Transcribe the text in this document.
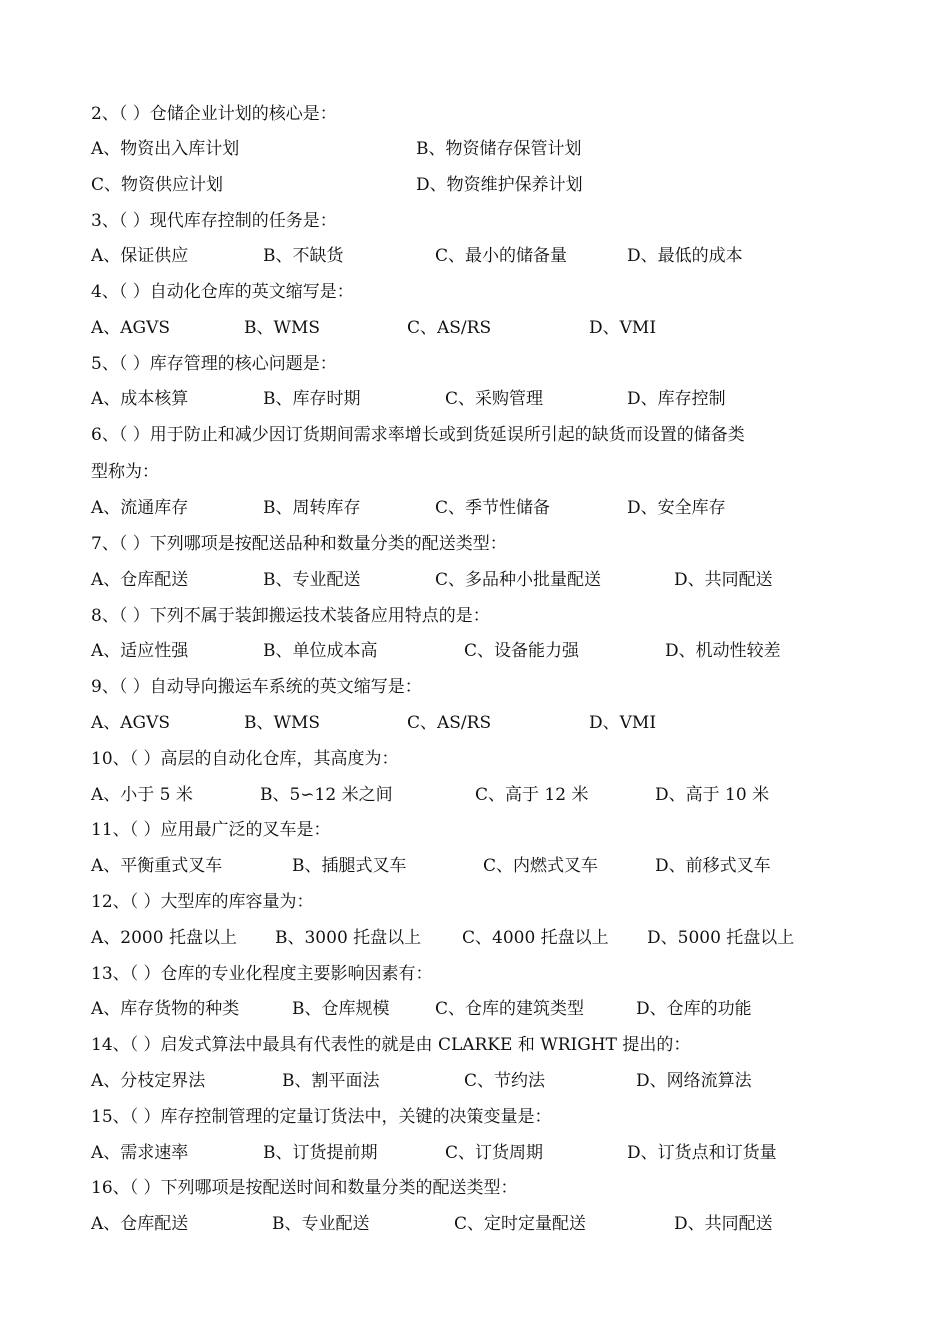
2、（ ）仓储企业计划的核心是：
A、物资出入库计划	B、物资储存保管计划
C、物资供应计划	D、物资维护保养计划
3、（ ）现代库存控制的任务是：
A、保证供应	B、不缺货	C、最小的储备量	D、最低的成本
4、（ ）自动化仓库的英文缩写是：
A、AGVS	B、WMS	C、AS/RS	D、VMI
5、（ ）库存管理的核心问题是：
A、成本核算	B、库存时期	C、采购管理	D、库存控制
6、（ ）用于防止和减少因订货期间需求率增长或到货延误所引起的缺货而设置的储备类
型称为：
A、流通库存	B、周转库存	C、季节性储备	D、安全库存
7、（ ）下列哪项是按配送品种和数量分类的配送类型：
A、仓库配送	B、专业配送	C、多品种小批量配送	D、共同配送
8、（ ）下列不属于装卸搬运技术装备应用特点的是：
A、适应性强	B、单位成本高	C、设备能力强	D、机动性较差
9、（ ）自动导向搬运车系统的英文缩写是：
A、AGVS	B、WMS	C、AS/RS	D、VMI
10、（ ）高层的自动化仓库，其高度为：
A、小于 5 米	B、5∽12 米之间	C、高于 12 米	D、高于 10 米
11、（ ）应用最广泛的叉车是：
A、平衡重式叉车	B、插腿式叉车	C、内燃式叉车	D、前移式叉车
12、（ ）大型库的库容量为：
A、2000 托盘以上 B、3000 托盘以上 C、4000 托盘以上 D、5000 托盘以上
13、（ ）仓库的专业化程度主要影响因素有：
A、库存货物的种类	B、仓库规模	C、仓库的建筑类型	D、仓库的功能
14、（ ）启发式算法中最具有代表性的就是由 CLARKE 和 WRIGHT 提出的：
A、分枝定界法	B、割平面法	C、节约法	D、网络流算法
15、（ ）库存控制管理的定量订货法中，关键的决策变量是：
A、需求速率	B、订货提前期	C、订货周期	D、订货点和订货量
16、（ ）下列哪项是按配送时间和数量分类的配送类型：
A、仓库配送	B、专业配送	C、定时定量配送	D、共同配送
